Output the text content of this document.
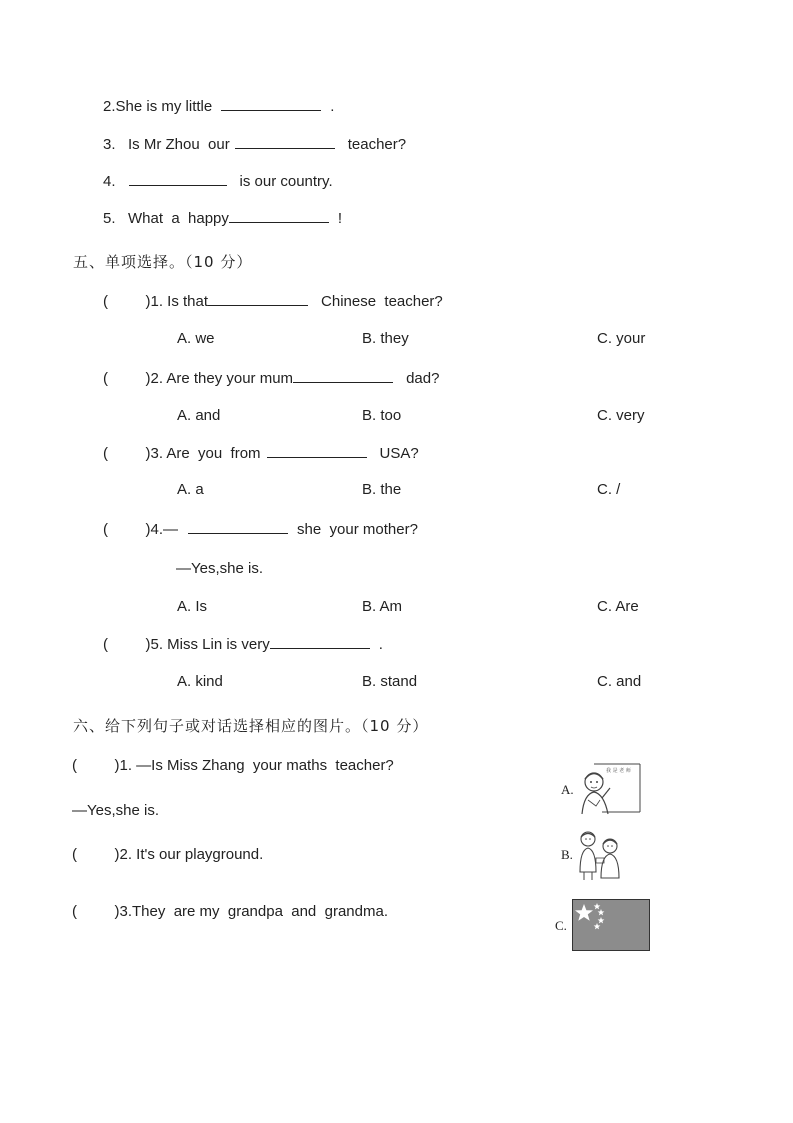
2.She is my little	.
3.   Is Mr Zhou  our	teacher?
4.	is our country.
5.   What  a  happy	!
五、单项选择。（10 分）
(         )1. Is that	Chinese  teacher?
A. we	B. they	C. your
(         )2. Are they your mum	dad?
A. and	B. too	C. very
(         )3. Are  you  from	USA?
A. a	B. the	C. /
(         )4.—	she  your mother?
—Yes,she is.
A. Is	B. Am	C. Are
(         )5. Miss Lin is very	.
A. kind	B. stand	C. and
六、给下列句子或对话选择相应的图片。（10 分）
(         )1. —Is Miss Zhang  your maths  teacher?
—Yes,she is.
(         )2. It's our playground.
(         )3.They  are my  grandpa  and  grandma.
A.
我 是 老 师
B.
C.
